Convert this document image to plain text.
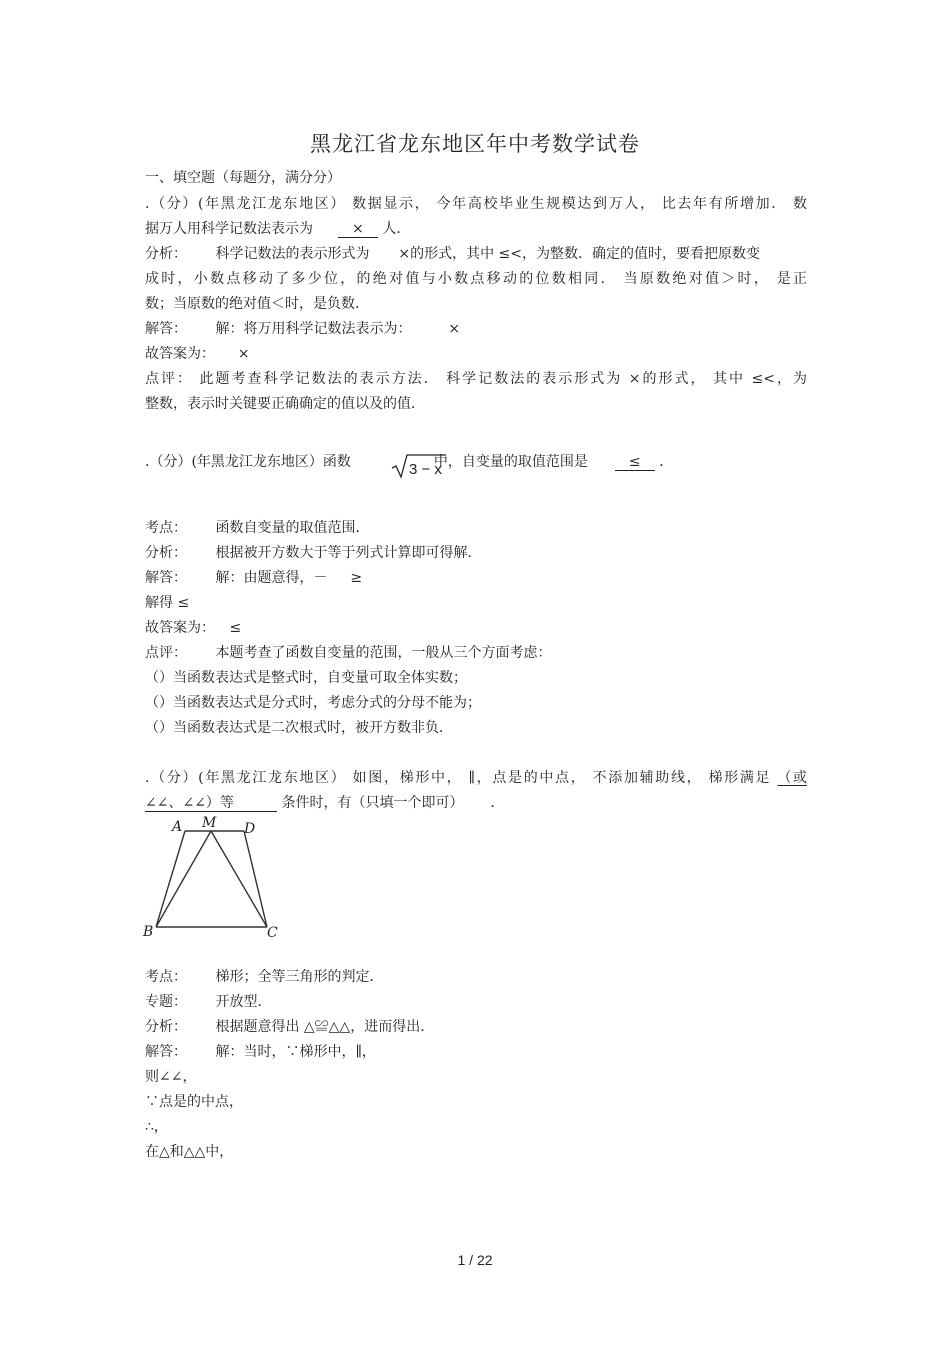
黑龙江省龙东地区年中考数学试卷
一、填空题（每题分，满分分）
.（分）(年黑龙江龙东地区） 数据显示， 今年高校毕业生规模达到万人， 比去年有所增加． 数
据万人用科学记数法表示为	× 人．
分析： 科学记数法的表示形式为 ×的形式，其中 ≤<，为整数．确定的值时，要看把原数变
成时，小数点移动了多少位，的绝对值与小数点移动的位数相同． 当原数绝对值＞时， 是正
数；当原数的绝对值＜时，是负数．
解答： 解：将万用科学记数法表示为：	×
故答案为： ×
点评： 此题考查科学记数法的表示方法． 科学记数法的表示形式为 ×的形式， 其中 ≤<，为
整数，表示时关键要正确确定的值以及的值．
.（分）(年黑龙江龙东地区）函数	中，自变量的取值范围是	≤ ．
3 − x
考点： 函数自变量的取值范围．
分析： 根据被开方数大于等于列式计算即可得解．
解答： 解：由题意得，－ ≥
解得 ≤
故答案为： ≤
点评： 本题考查了函数自变量的范围，一般从三个方面考虑：
（）当函数表达式是整式时，自变量可取全体实数；
（）当函数表达式是分式时，考虑分式的分母不能为；
（）当函数表达式是二次根式时，被开方数非负．
.（分）(年黑龙江龙东地区） 如图，梯形中， ∥，点是的中点， 不添加辅助线， 梯形满足 （或
∠∠、∠∠）等	条件时，有（只填一个即可） ．
A M D
B	C
考点： 梯形；全等三角形的判定．
专题： 开放型．
分析： 根据题意得出 △≌△△，进而得出．
解答： 解：当时，∵梯形中，∥，
则∠∠，
∵点是的中点，
∴，
在△和△△中，
1 / 22
